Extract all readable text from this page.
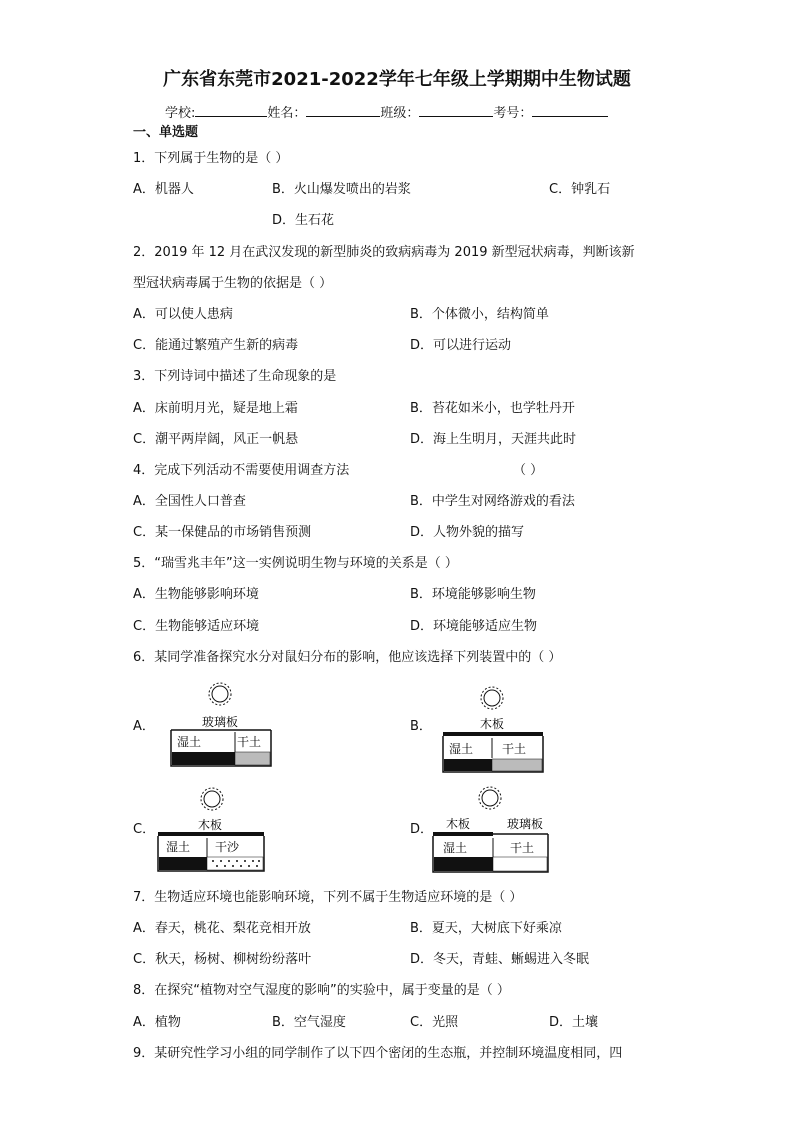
广东省东莞市2021-2022学年七年级上学期期中生物试题
学校:	姓名：	班级：	考号：
一、单选题
1．下列属于生物的是（ ）
A．机器人	B．火山爆发喷出的岩浆	C．钟乳石
D．生石花
2．2019 年 12 月在武汉发现的新型肺炎的致病病毒为 2019 新型冠状病毒，判断该新
型冠状病毒属于生物的依据是（ ）
A．可以使人患病	B．个体微小，结构简单
C．能通过繁殖产生新的病毒	D．可以进行运动
3．下列诗词中描述了生命现象的是
A．床前明月光，疑是地上霜	B．苔花如米小，也学牡丹开
C．潮平两岸阔，风正一帆悬	D．海上生明月，天涯共此时
4．完成下列活动不需要使用调查方法	（ ）
A．全国性人口普查	B．中学生对网络游戏的看法
C．某一保健品的市场销售预测	D．人物外貌的描写
5．“瑞雪兆丰年”这一实例说明生物与环境的关系是（ ）
A．生物能够影响环境	B．环境能够影响生物
C．生物能够适应环境	D．环境能够适应生物
6．某同学准备探究水分对鼠妇分布的影响，他应该选择下列装置中的（ ）
A．	B．
C．	D．
玻璃板
湿土	干土
木板
湿土 干土
木板
湿土 干沙
木板	玻璃板
湿土	干土
7．生物适应环境也能影响环境，下列不属于生物适应环境的是（ ）
A．春天，桃花、梨花竞相开放	B．夏天，大树底下好乘凉
C．秋天，杨树、柳树纷纷落叶	D．冬天，青蛙、蜥蜴进入冬眠
8．在探究“植物对空气湿度的影响”的实验中，属于变量的是（ ）
A．植物	B．空气湿度	C．光照	D．土壤
9．某研究性学习小组的同学制作了以下四个密闭的生态瓶，并控制环境温度相同，四
